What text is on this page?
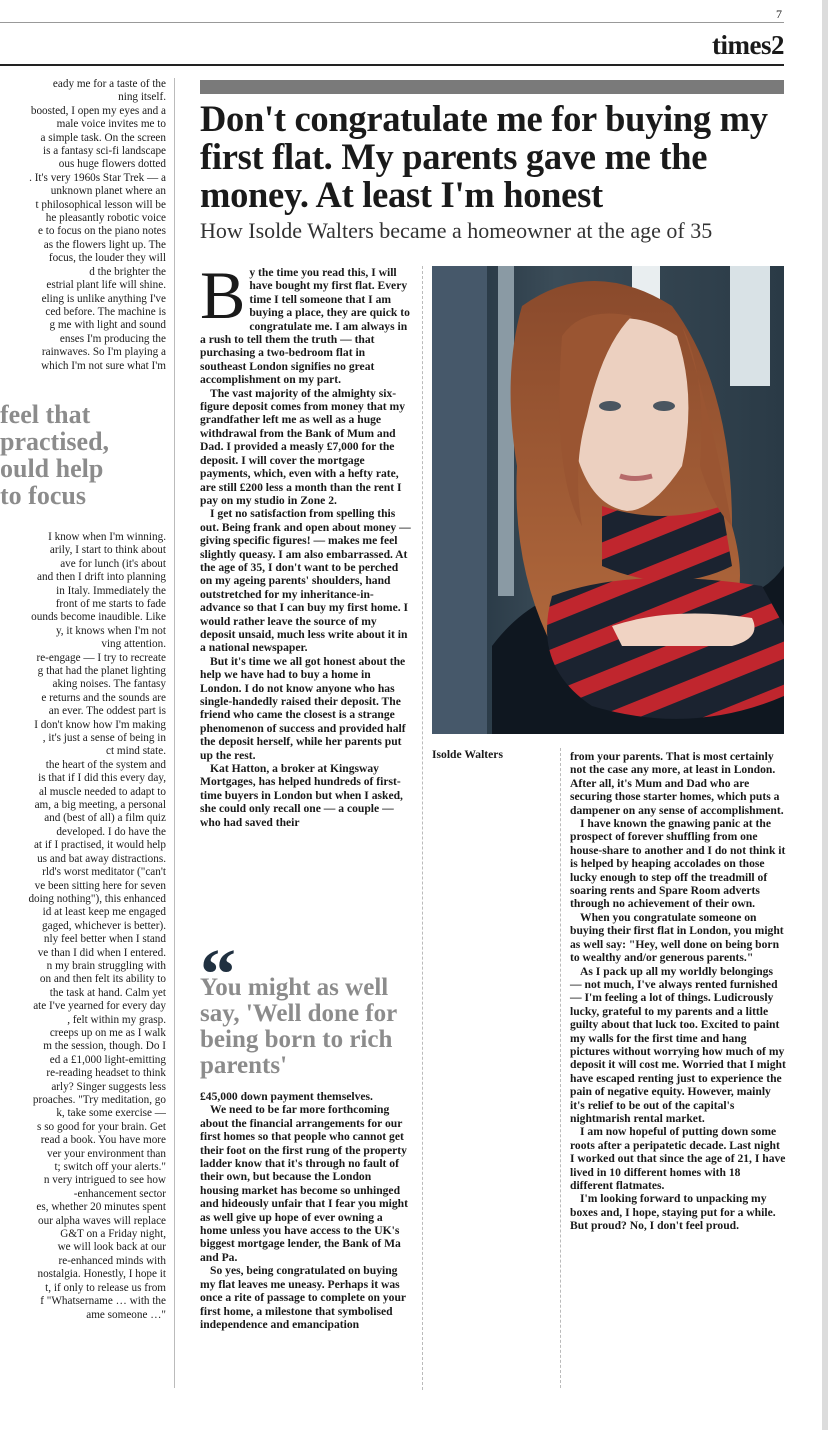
7
times2

eady me for a taste of the

ning itself.

boosted, I open my eyes and a

male voice invites me to

a simple task. On the screen

is a fantasy sci-fi landscape

ous huge flowers dotted

. It's very 1960s Star Trek — a

unknown planet where an

t philosophical lesson will be

he pleasantly robotic voice

e to focus on the piano notes

as the flowers light up. The

focus, the louder they will

d the brighter the

estrial plant life will shine.

eling is unlike anything I've

ced before. The machine is

g me with light and sound

enses I'm producing the

rainwaves. So I'm playing a

which I'm not sure what I'm

feel that
practised,
ould help
to focus

I know when I'm winning.

arily, I start to think about

ave for lunch (it's about

and then I drift into planning

in Italy. Immediately the

front of me starts to fade

ounds become inaudible. Like

y, it knows when I'm not

ving attention.

re-engage — I try to recreate

g that had the planet lighting

aking noises. The fantasy

e returns and the sounds are

an ever. The oddest part is

I don't know how I'm making

, it's just a sense of being in

ct mind state.

the heart of the system and

is that if I did this every day,

al muscle needed to adapt to

am, a big meeting, a personal

and (best of all) a film quiz

developed. I do have the

at if I practised, it would help

us and bat away distractions.

rld's worst meditator ("can't

ve been sitting here for seven

doing nothing"), this enhanced

id at least keep me engaged

gaged, whichever is better).

nly feel better when I stand

ve than I did when I entered.

n my brain struggling with

on and then felt its ability to

the task at hand. Calm yet

ate I've yearned for every day

, felt within my grasp.

creeps up on me as I walk

m the session, though. Do I

ed a £1,000 light-emitting

re-reading headset to think

arly? Singer suggests less

proaches. "Try meditation, go

k, take some exercise —

s so good for your brain. Get

read a book. You have more

ver your environment than

t; switch off your alerts."

n very intrigued to see how

-enhancement sector

es, whether 20 minutes spent

our alpha waves will replace

G&T on a Friday night,

we will look back at our

re-enhanced minds with

nostalgia. Honestly, I hope it

t, if only to release us from

f "Whatsername … with the

ame someone …"

Don't congratulate me for buying my first flat. My parents gave me the money. At least I'm honest

How Isolde Walters became a homeowner at the age of 35

B y the time you read this, I will have bought my first flat. Every time I tell someone that I am buying a place, they are quick to congratulate me. I am always in a rush to tell them the truth — that purchasing a two-bedroom flat in southeast London signifies no great accomplishment on my part.

The vast majority of the almighty six-figure deposit comes from money that my grandfather left me as well as a huge withdrawal from the Bank of Mum and Dad. I provided a measly £7,000 for the deposit. I will cover the mortgage payments, which, even with a hefty rate, are still £200 less a month than the rent I pay on my studio in Zone 2.

I get no satisfaction from spelling this out. Being frank and open about money — giving specific figures! — makes me feel slightly queasy. I am also embarrassed. At the age of 35, I don't want to be perched on my ageing parents' shoulders, hand outstretched for my inheritance-in-advance so that I can buy my first home. I would rather leave the source of my deposit unsaid, much less write about it in a national newspaper.

But it's time we all got honest about the help we have had to buy a home in London. I do not know anyone who has single-handedly raised their deposit. The friend who came the closest is a strange phenomenon of success and provided half the deposit herself, while her parents put up the rest.

Kat Hatton, a broker at Kingsway Mortgages, has helped hundreds of first-time buyers in London but when I asked, she could only recall one — a couple — who had saved their

You might as well say, 'Well done for being born to rich parents'

£45,000 down payment themselves.

We need to be far more forthcoming about the financial arrangements for our first homes so that people who cannot get their foot on the first rung of the property ladder know that it's through no fault of their own, but because the London housing market has become so unhinged and hideously unfair that I fear you might as well give up hope of ever owning a home unless you have access to the UK's biggest mortgage lender, the Bank of Ma and Pa.

So yes, being congratulated on buying my flat leaves me uneasy. Perhaps it was once a rite of passage to complete on your first home, a milestone that symbolised independence and emancipation

Isolde Walters	from your parents. That is most certainly not the case any more, at least in London. After all, it's Mum and Dad who are securing those starter homes, which puts a dampener on any sense of accomplishment.

I have known the gnawing panic at the prospect of forever shuffling from one house-share to another and I do not think it is helped by heaping accolades on those lucky enough to step off the treadmill of soaring rents and Spare Room adverts through no achievement of their own.

When you congratulate someone on buying their first flat in London, you might as well say: "Hey, well done on being born to wealthy and/or generous parents."

As I pack up all my worldly belongings — not much, I've always rented furnished — I'm feeling a lot of things. Ludicrously lucky, grateful to my parents and a little guilty about that luck too. Excited to paint my walls for the first time and hang pictures without worrying how much of my deposit it will cost me. Worried that I might have escaped renting just to experience the pain of negative equity. However, mainly it's relief to be out of the capital's nightmarish rental market.

I am now hopeful of putting down some roots after a peripatetic decade. Last night I worked out that since the age of 21, I have lived in 10 different homes with 18 different flatmates.

I'm looking forward to unpacking my boxes and, I hope, staying put for a while. But proud? No, I don't feel proud.
